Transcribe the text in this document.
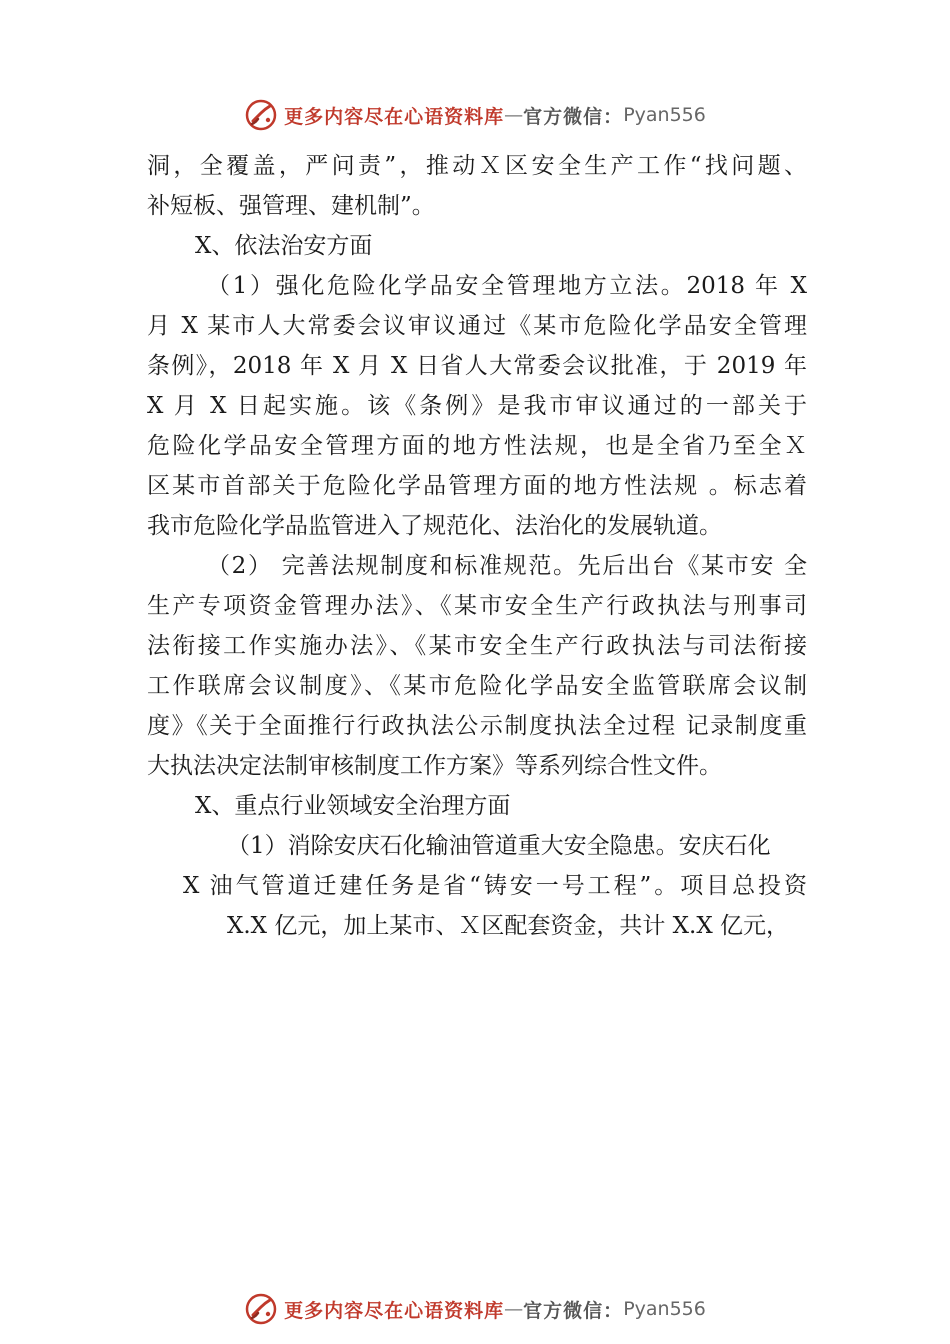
更多内容尽在心语资料库 — 官方微信： Pyan556
洞，全覆盖，严问责”，推动Ｘ区安全生产工作“找问题、
补短板、强管理、建机制”。
X、依法治安方面
（1）强化危险化学品安全管理地方立法。2018 年 X
月 X 某市人大常委会议审议通过《某市危险化学品安全管理
条例》，2018 年 X 月 X 日省人大常委会议批准，于 2019 年
X 月 X 日起实施。该《条例》是我市审议通过的一部关于
危险化学品安全管理方面的地方性法规，也是全省乃至全Ｘ
区某市首部关于危险化学品管理方面的地方性法规 。标志着
我市危险化学品监管进入了规范化、法治化的发展轨道。
（2） 完善法规制度和标准规范。先后出台《某市安 全
生产专项资金管理办法》、《某市安全生产行政执法与刑事司
法衔接工作实施办法》、《某市安全生产行政执法与司法衔接
工作联席会议制度》、《某市危险化学品安全监管联席会议制
度》《关于全面推行行政执法公示制度执法全过程 记录制度重
大执法决定法制审核制度工作方案》等系列综合性文件。
X、重点行业领域安全治理方面
（1）消除安庆石化输油管道重大安全隐患。安庆石化
X 油气管道迁建任务是省“铸安一号工程”。项目总投资
X.X 亿元，加上某市、Ｘ区配套资金，共计 X.X 亿元，
更多内容尽在心语资料库 — 官方微信： Pyan556
